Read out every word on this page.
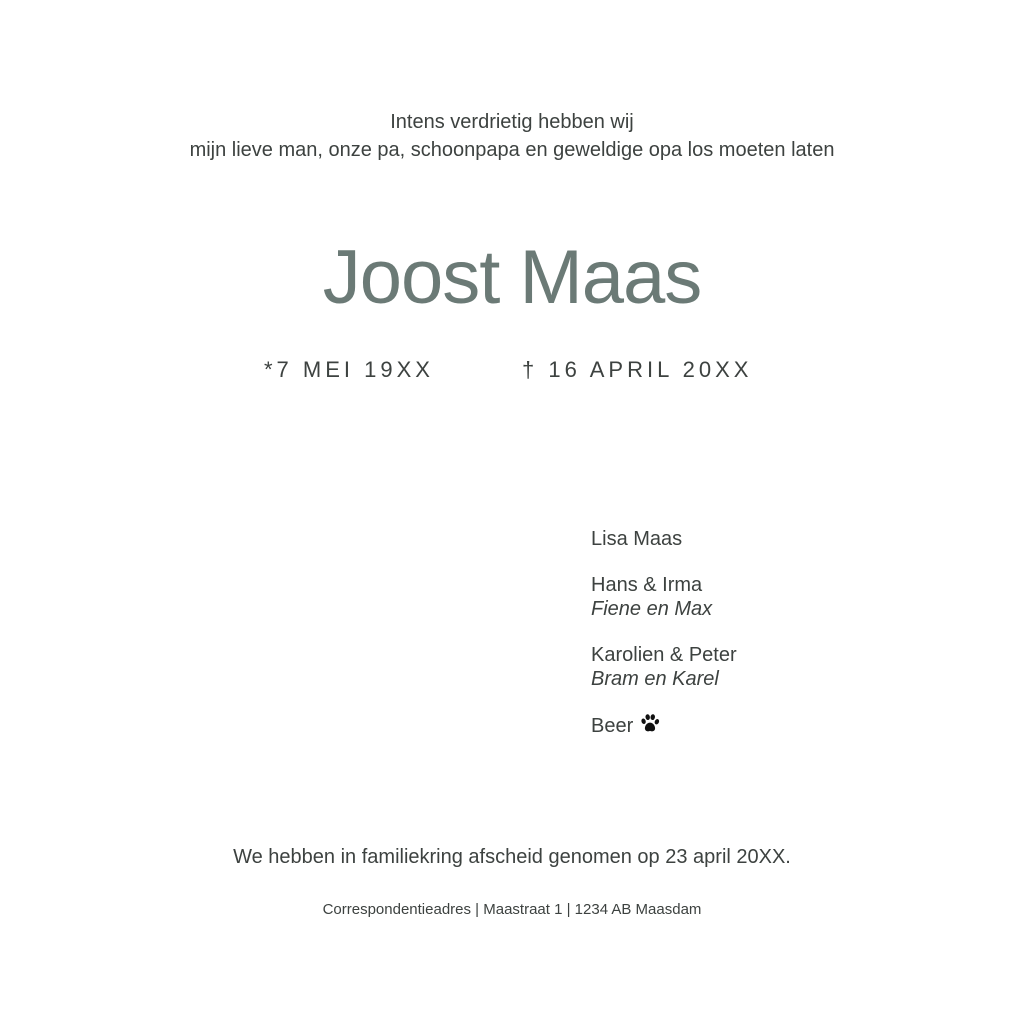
Intens verdrietig hebben wij
mijn lieve man, onze pa, schoonpapa en geweldige opa los moeten laten
Joost Maas
*7 MEI 19XX	† 16 APRIL 20XX
Lisa Maas
Hans & Irma
Fiene en Max
Karolien & Peter
Bram en Karel
Beer
We hebben in familiekring afscheid genomen op 23 april 20XX.
Correspondentieadres | Maastraat 1 | 1234 AB Maasdam
